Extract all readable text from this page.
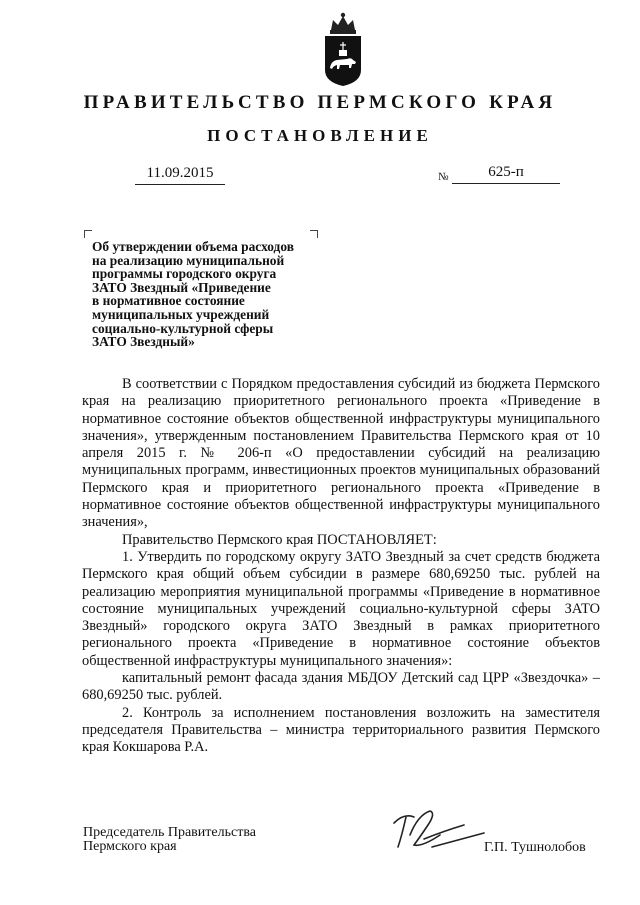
ПРАВИТЕЛЬСТВО ПЕРМСКОГО КРАЯ
ПОСТАНОВЛЕНИЕ
11.09.2015	№	625-п
Об утверждении объема расходов
на реализацию муниципальной
программы городского округа
ЗАТО Звездный «Приведение
в нормативное состояние
муниципальных учреждений
социально-культурной сферы
ЗАТО Звездный»

В соответствии с Порядком предоставления субсидий из бюджета Пермского края на реализацию приоритетного регионального проекта «Приведение в нормативное состояние объектов общественной инфраструктуры муниципального значения», утвержденным постановлением Правительства Пермского края от 10 апреля 2015 г. № 206-п «О предоставлении субсидий на реализацию муниципальных программ, инвестиционных проектов муниципальных образований Пермского края и приоритетного регионального проекта «Приведение в нормативное состояние объектов общественной инфраструктуры муниципального значения»,

Правительство Пермского края ПОСТАНОВЛЯЕТ:

1. Утвердить по городскому округу ЗАТО Звездный за счет средств бюджета Пермского края общий объем субсидии в размере 680,69250 тыс. рублей на реализацию мероприятия муниципальной программы «Приведение в нормативное состояние муниципальных учреждений социально-культурной сферы ЗАТО Звездный» городского округа ЗАТО Звездный в рамках приоритетного регионального проекта «Приведение в нормативное состояние объектов общественной инфраструктуры муниципального значения»:

капитальный ремонт фасада здания МБДОУ Детский сад ЦРР «Звездочка» – 680,69250 тыс. рублей.

2. Контроль за исполнением постановления возложить на заместителя председателя Правительства – министра территориального развития Пермского края Кокшарова Р.А.

Председатель Правительства
Пермского края	Г.П. Тушнолобов
